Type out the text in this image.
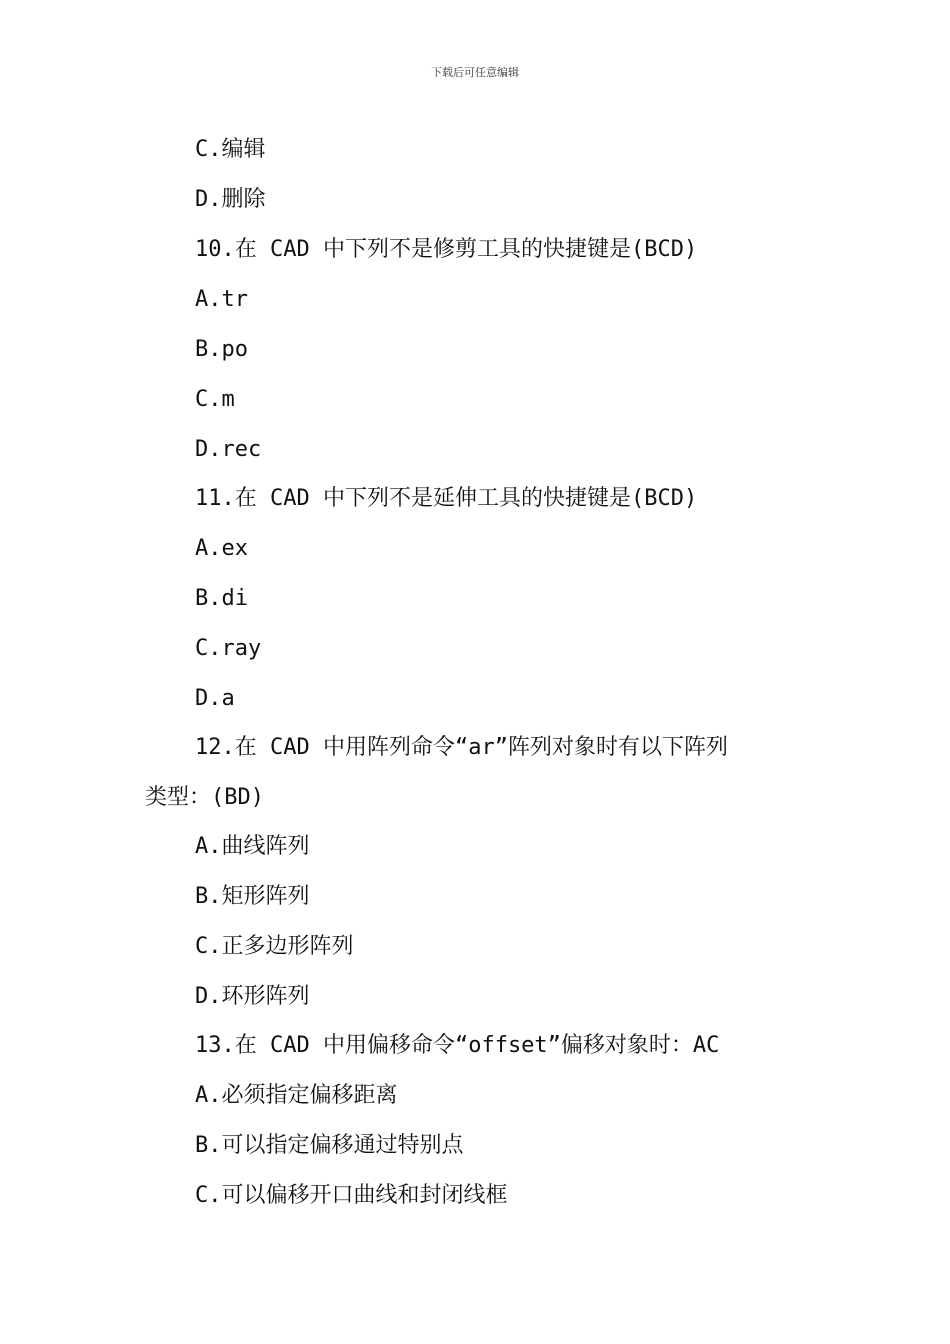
下载后可任意编辑
C.编辑
D.删除
10.在 CAD 中下列不是修剪工具的快捷键是(BCD)
A.tr
B.po
C.m
D.rec
11.在 CAD 中下列不是延伸工具的快捷键是(BCD)
A.ex
B.di
C.ray
D.a
12.在 CAD 中用阵列命令“ar”阵列对象时有以下阵列
类型：(BD)
A.曲线阵列
B.矩形阵列
C.正多边形阵列
D.环形阵列
13.在 CAD 中用偏移命令“offset”偏移对象时：AC
A.必须指定偏移距离
B.可以指定偏移通过特别点
C.可以偏移开口曲线和封闭线框
